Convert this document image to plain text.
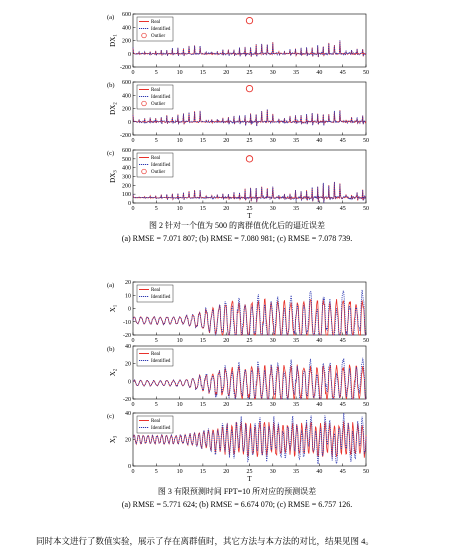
0	5	10	15	20	25	30	35	40	45	50
-200
0
200
400
600
Real
Identified
Outlier
(a)
$DX_1$
0	5	10	15	20	25	30	35	40	45	50
-200
0
200
400
600
Real
Identified
Outlier
(b)
$DX_2$
0	5	10	15	20	25	30	35	40	45	50
0
100
200
300
400
500
600
Real
Identified
Outlier
(c)
$DX_3$
T
0	5	10	15	20	25	30	35	40	45	50
-20
-10
0
10
20
Real
Identified
(a)
$X_1$
0	5	10	15	20	25	30	35	40	45	50
-20
0
20
40
Real
Identified
(b)
$X_2$
0	5	10	15	20	25	30	35	40	45	50
0
20
40
Real
Identified
(c)
$X_3$
T
图 2 针对一个值为 500 的离群值优化后的逼近误差
(a) RMSE = 7.071 807; (b) RMSE = 7.080 981; (c) RMSE = 7.078 739.
图 3 有限预测时间 FPT=10 所对应的预测误差
(a) RMSE = 5.771 624; (b) RMSE = 6.674 070; (c) RMSE = 6.757 126.
同时本文进行了数值实验，展示了存在离群值时，其它方法与本方法的对比，结果见图 4。
